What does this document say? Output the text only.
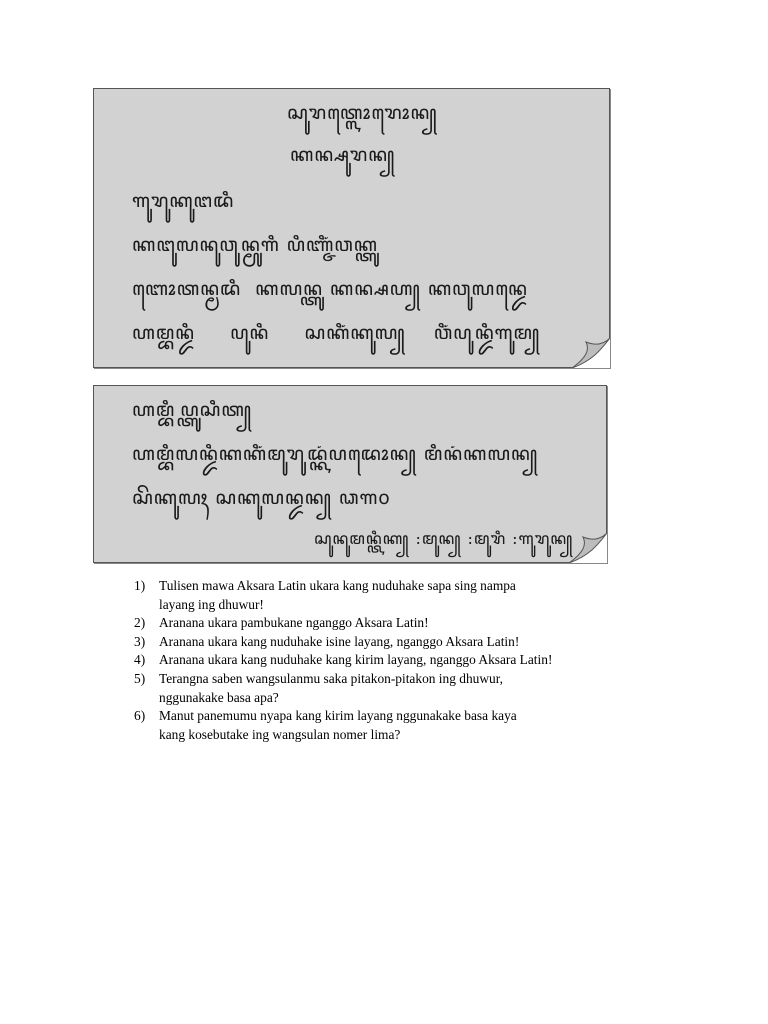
ꦱꦸꦫꦠ꧀ꦭꦺꦴꦫꦺꦴꦤ꧀
ꦏꦤ꧀ꦱꦸꦫꦤ꧀
ꦒꦸꦫꦸꦏꦸꦔꦢꦶ
ꦏꦔꦸꦭꦤꦸꦮꦸꦤ꧀ꦩꦸꦒꦶ ꦥꦶꦚ꧀ꦗꦶꦁꦮꦏ꧀ꦠꦸ
ꦧꦺꦴꦠꦤ꧀ꦩꦢꦶ  ꦏꦭꦤ꧀ꦠꦸ ꦏꦤ꧀ꦱꦲ꧀ ꦏꦮꦸꦭꦤ꧀ꦢꦺ
ꦲꦩ꧀ꦧꦤ꧀ꦢꦶ     ꦥꦸꦤꦶ     ꦱꦏꦶꦁꦏꦸꦭ꧀    ꦮꦶꦁꦥꦸꦤ꧀ꦢꦶꦒꦸꦩ꧀
ꦲꦩ꧀ꦧꦶꦥ꧀ꦠꦸꦱꦶꦠ꧀
ꦲꦩ꧀ꦧꦶꦭꦤ꧀ꦢꦶꦏꦏꦶꦁꦩꦸꦫꦸꦢ꧀ꦏꦁꦥꦢꦺꦴꦤ꧀ ꦩꦶꦤꦁꦏꦭꦤ꧀
ꦱꦼꦏꦸꦭꦃ ꦱꦏꦸꦭꦤ꧀ꦢꦤ꧀ ꦣ꧑꧐
ꦱꦸꦤꦸꦩꦤ꧀ꦠꦶꦏ꧀ :ꦩꦸꦤ꧀ :ꦩꦸꦫꦶ :ꦒꦸꦫꦸꦤ꧀
1) Tulisen mawa Aksara Latin ukara kang nuduhake sapa sing nampa
layang ing dhuwur!
2) Aranana ukara pambukane nganggo Aksara Latin!
3) Aranana ukara kang nuduhake isine layang, nganggo Aksara Latin!
4) Aranana ukara kang nuduhake kang kirim layang, nganggo Aksara Latin!
5) Terangna saben wangsulanmu saka pitakon-pitakon ing dhuwur,
nggunakake basa apa?
6) Manut panemumu nyapa kang kirim layang nggunakake basa kaya
kang kosebutake ing wangsulan nomer lima?
